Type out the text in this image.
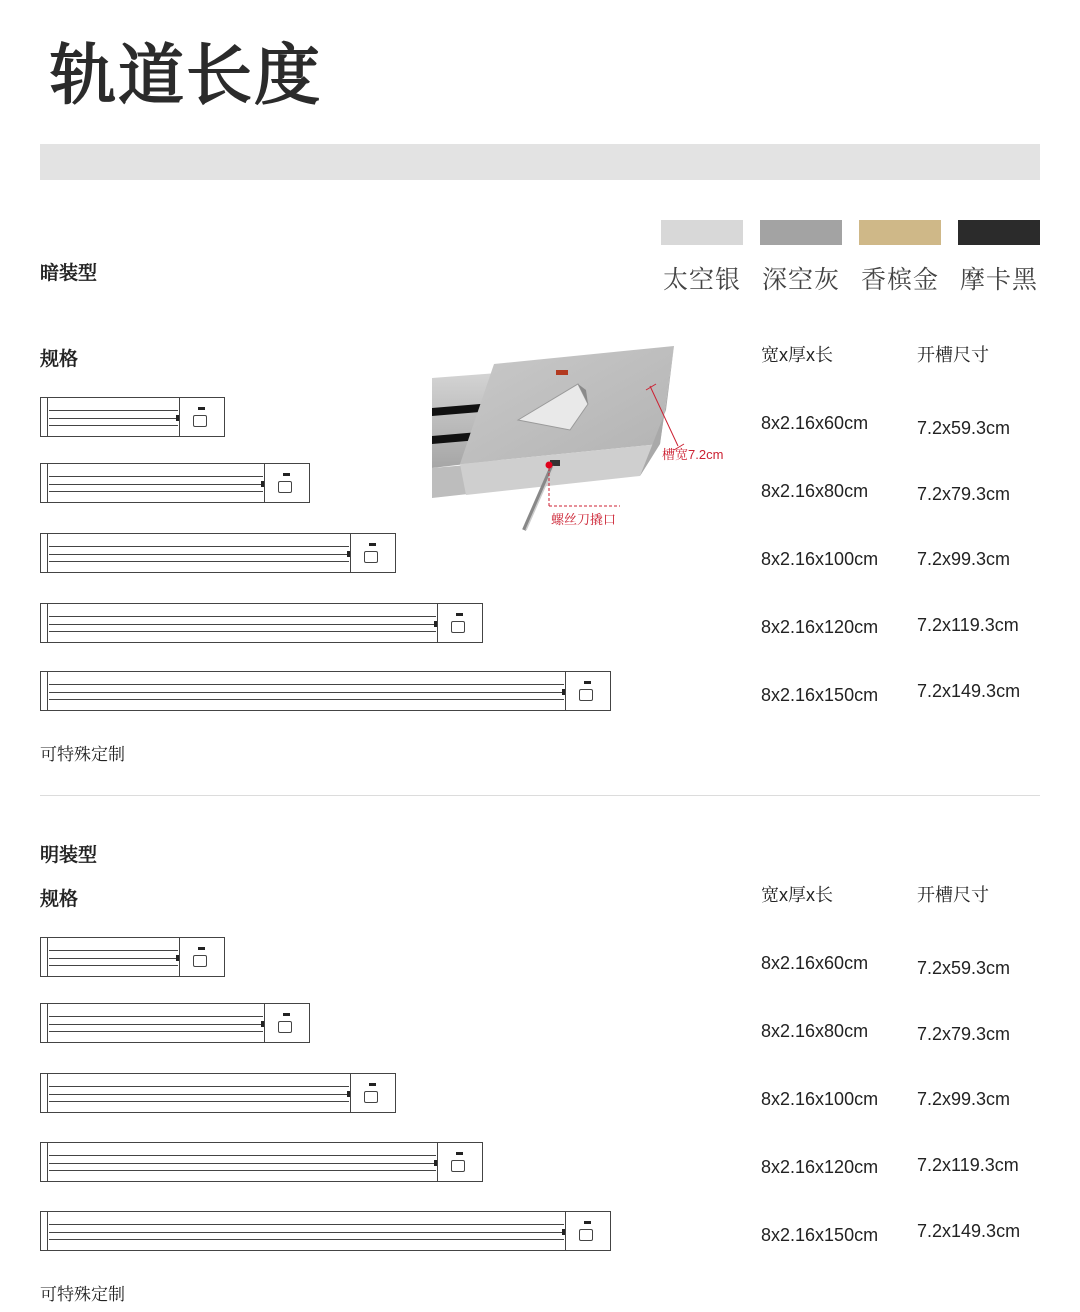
轨道长度
太空银 深空灰 香槟金 摩卡黑
暗装型
规格	宽x厚x长	开槽尺寸
槽宽7.2cm
螺丝刀撬口
8x2.16x60cm	7.2x59.3cm
8x2.16x80cm	7.2x79.3cm
8x2.16x100cm 7.2x99.3cm
8x2.16x120cm 7.2x119.3cm
8x2.16x150cm 7.2x149.3cm
可特殊定制
明装型
规格	宽x厚x长	开槽尺寸
8x2.16x60cm	7.2x59.3cm
8x2.16x80cm	7.2x79.3cm
8x2.16x100cm 7.2x99.3cm
8x2.16x120cm 7.2x119.3cm
8x2.16x150cm 7.2x149.3cm
可特殊定制
